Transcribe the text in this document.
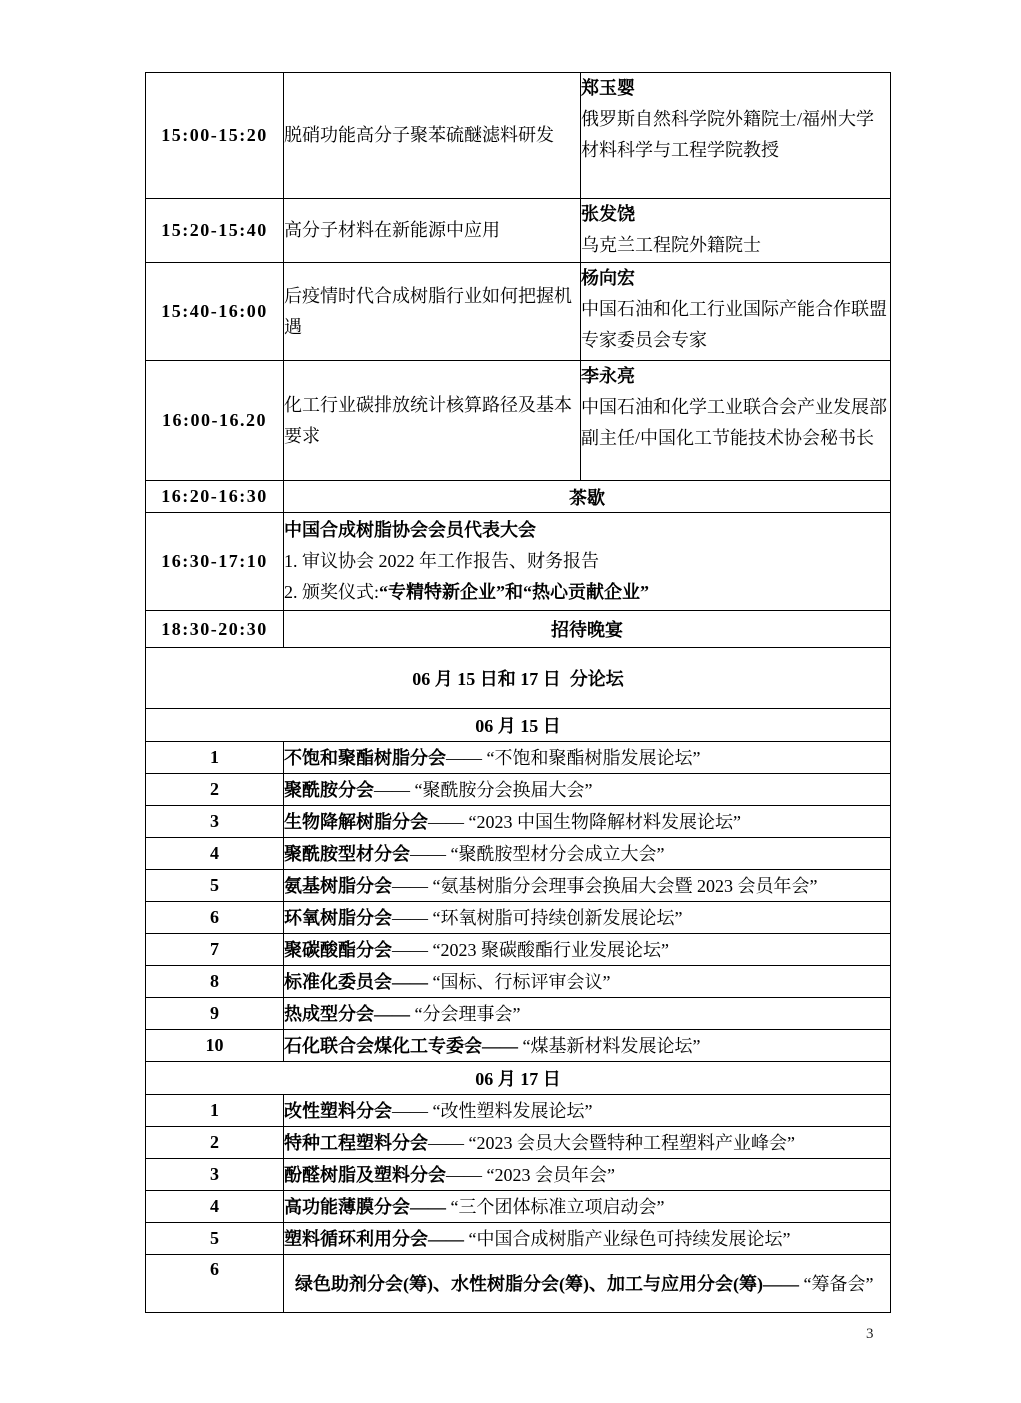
15:00-15:20	脱硝功能高分子聚苯硫醚滤料研发	郑玉婴
俄罗斯自然科学院外籍院士/福州大学材料科学与工程学院教授

15:20-15:40	高分子材料在新能源中应用	张发饶
乌克兰工程院外籍院士

15:40-16:00	后疫情时代合成树脂行业如何把握机遇	杨向宏
中国石油和化工行业国际产能合作联盟专家委员会专家

16:00-16.20	化工行业碳排放统计核算路径及基本要求	李永亮
中国石油和化学工业联合会产业发展部副主任/中国化工节能技术协会秘书长

16:20-16:30	茶歇	
16:30-17:10	中国合成树脂协会会员代表大会
1. 审议协会 2022 年工作报告、财务报告
2. 颁奖仪式:“专精特新企业”和“热心贡献企业”	

18:30-20:30	招待晚宴	
06 月 15 日和 17 日  分论坛		
06 月 15 日		
1	不饱和聚酯树脂分会—— “不饱和聚酯树脂发展论坛”	
2	聚酰胺分会—— “聚酰胺分会换届大会”	
3	生物降解树脂分会—— “2023 中国生物降解材料发展论坛”	
4	聚酰胺型材分会—— “聚酰胺型材分会成立大会”	
5	氨基树脂分会—— “氨基树脂分会理事会换届大会暨 2023 会员年会”	
6	环氧树脂分会—— “环氧树脂可持续创新发展论坛”	
7	聚碳酸酯分会—— “2023 聚碳酸酯行业发展论坛”	
8	标准化委员会—— “国标、行标评审会议”	
9	热成型分会—— “分会理事会”	
10	石化联合会煤化工专委会—— “煤基新材料发展论坛”	
06 月 17 日		
1	改性塑料分会—— “改性塑料发展论坛”	
2	特种工程塑料分会—— “2023 会员大会暨特种工程塑料产业峰会”	
3	酚醛树脂及塑料分会—— “2023 会员年会”	
4	高功能薄膜分会—— “三个团体标准立项启动会”	
5	塑料循环利用分会—— “中国合成树脂产业绿色可持续发展论坛”	
6	绿色助剂分会(筹)、水性树脂分会(筹)、加工与应用分会(筹)—— “筹备会”	
3
